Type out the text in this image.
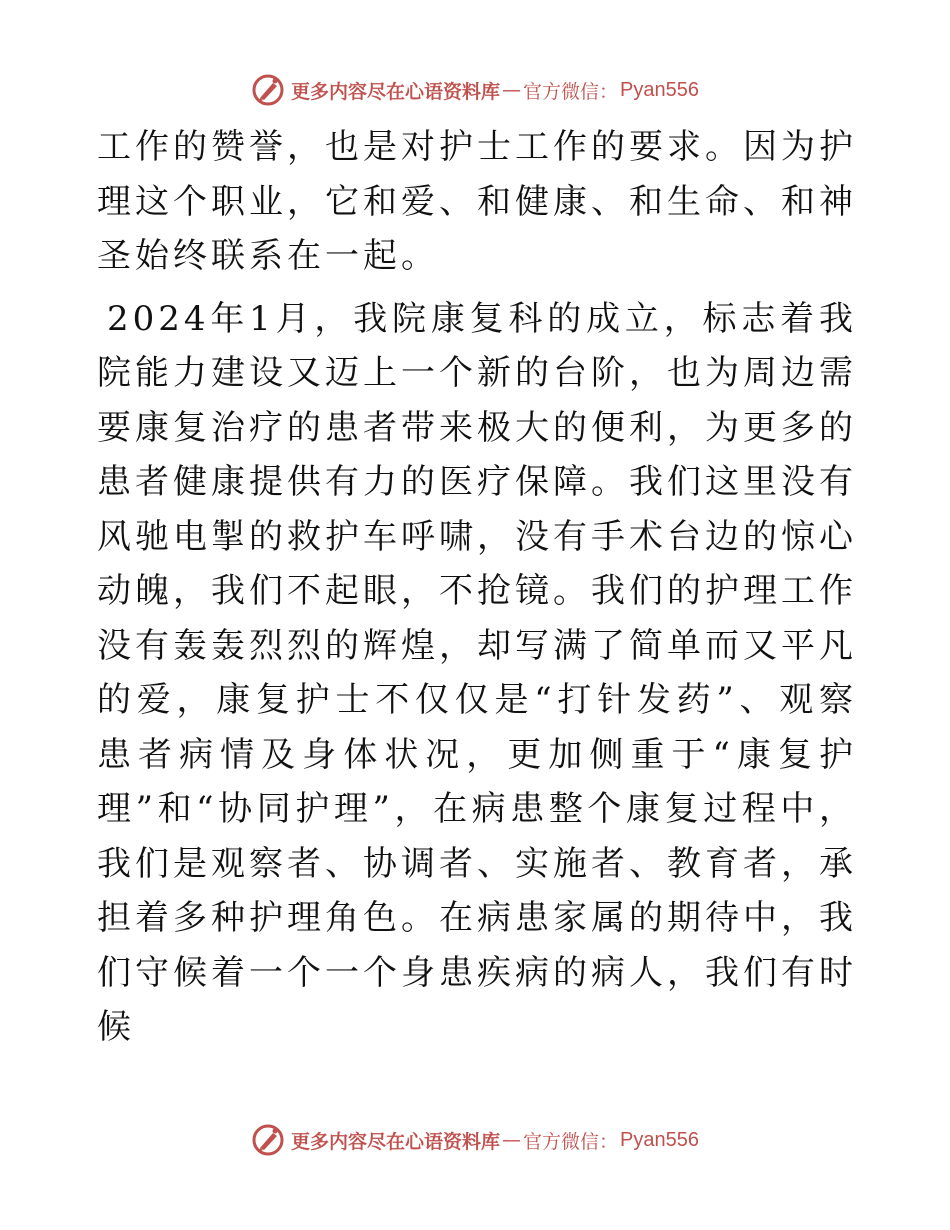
更多内容尽在心语资料库 — 官方微信： Pyan556

工作的赞誉，也是对护士工作的要求。因为护理这个职业，它和爱、和健康、和生命、和神圣始终联系在一起。

2024年1月，我院康复科的成立，标志着我院能力建设又迈上一个新的台阶，也为周边需要康复治疗的患者带来极大的便利，为更多的患者健康提供有力的医疗保障。我们这里没有风驰电掣的救护车呼啸，没有手术台边的惊心动魄，我们不起眼，不抢镜。我们的护理工作没有轰轰烈烈的辉煌，却写满了简单而又平凡的爱，康复护士不仅仅是“打针发药”、观察患者病情及身体状况，更加侧重于“康复护理”和“协同护理”，在病患整个康复过程中，我们是观察者、协调者、实施者、教育者，承担着多种护理角色。在病患家属的期待中，我们守候着一个一个身患疾病的病人，我们有时候

更多内容尽在心语资料库 — 官方微信： Pyan556
